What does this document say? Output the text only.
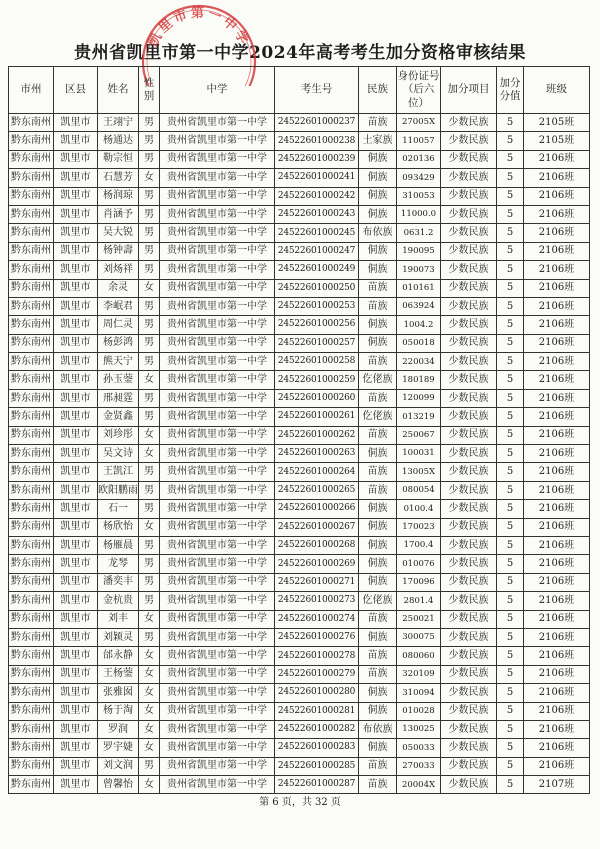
贵州省凯里市第一中学2024年高考考生加分资格审核结果
凯里市第一中学
市州	区县	姓名	性别	中学	考生号	民族	身份证号（后六位）	加分项目	加分分值	班级
黔东南州	凯里市	王翊宁	男	贵州省凯里市第一中学	24522601000237	苗族	27005X	少数民族	5	2105班
黔东南州	凯里市	杨通达	男	贵州省凯里市第一中学	24522601000238	土家族	110057	少数民族	5	2105班
黔东南州	凯里市	勒宗恒	男	贵州省凯里市第一中学	24522601000239	侗族	020136	少数民族	5	2106班
黔东南州	凯里市	石慧芳	女	贵州省凯里市第一中学	24522601000241	侗族	093429	少数民族	5	2106班
黔东南州	凯里市	杨润琼	男	贵州省凯里市第一中学	24522601000242	侗族	310053	少数民族	5	2106班
黔东南州	凯里市	肖涵予	男	贵州省凯里市第一中学	24522601000243	侗族	11000.0	少数民族	5	2106班
黔东南州	凯里市	吴大锐	男	贵州省凯里市第一中学	24522601000245	布依族	0631.2	少数民族	5	2106班
黔东南州	凯里市	杨钟壽	男	贵州省凯里市第一中学	24522601000247	侗族	190095	少数民族	5	2106班
黔东南州	凯里市	刘炀祥	男	贵州省凯里市第一中学	24522601000249	侗族	190073	少数民族	5	2106班
黔东南州	凯里市	余灵	女	贵州省凯里市第一中学	24522601000250	苗族	010161	少数民族	5	2106班
黔东南州	凯里市	李岷君	男	贵州省凯里市第一中学	24522601000253	苗族	063924	少数民族	5	2106班
黔东南州	凯里市	周仁灵	男	贵州省凯里市第一中学	24522601000256	侗族	1004.2	少数民族	5	2106班
黔东南州	凯里市	杨彭鸿	男	贵州省凯里市第一中学	24522601000257	侗族	050018	少数民族	5	2106班
黔东南州	凯里市	熊天宁	男	贵州省凯里市第一中学	24522601000258	苗族	220034	少数民族	5	2106班
黔东南州	凯里市	孙玉蓥	女	贵州省凯里市第一中学	24522601000259	仡佬族	180189	少数民族	5	2106班
黔东南州	凯里市	邢昶霆	男	贵州省凯里市第一中学	24522601000260	苗族	120099	少数民族	5	2106班
黔东南州	凯里市	金贤鑫	男	贵州省凯里市第一中学	24522601000261	仡佬族	013219	少数民族	5	2106班
黔东南州	凯里市	刘珍彤	女	贵州省凯里市第一中学	24522601000262	苗族	250067	少数民族	5	2106班
黔东南州	凯里市	吴文诗	女	贵州省凯里市第一中学	24522601000263	侗族	100031	少数民族	5	2106班
黔东南州	凯里市	王凯江	男	贵州省凯里市第一中学	24522601000264	苗族	13005X	少数民族	5	2106班
黔东南州	凯里市	欧阳鹏雨	男	贵州省凯里市第一中学	24522601000265	苗族	080054	少数民族	5	2106班
黔东南州	凯里市	石一	男	贵州省凯里市第一中学	24522601000266	侗族	0100.4	少数民族	5	2106班
黔东南州	凯里市	杨欣怡	女	贵州省凯里市第一中学	24522601000267	侗族	170023	少数民族	5	2106班
黔东南州	凯里市	杨雁晨	男	贵州省凯里市第一中学	24522601000268	侗族	1700.4	少数民族	5	2106班
黔东南州	凯里市	龙琴	男	贵州省凯里市第一中学	24522601000269	侗族	010076	少数民族	5	2106班
黔东南州	凯里市	潘奕丰	男	贵州省凯里市第一中学	24522601000271	侗族	170096	少数民族	5	2106班
黔东南州	凯里市	金杭贵	男	贵州省凯里市第一中学	24522601000273	仡佬族	2801.4	少数民族	5	2106班
黔东南州	凯里市	刘丰	女	贵州省凯里市第一中学	24522601000274	苗族	250021	少数民族	5	2106班
黔东南州	凯里市	刘颖灵	男	贵州省凯里市第一中学	24522601000276	侗族	300075	少数民族	5	2106班
黔东南州	凯里市	邰永静	女	贵州省凯里市第一中学	24522601000278	苗族	080060	少数民族	5	2106班
黔东南州	凯里市	王杨蓥	女	贵州省凯里市第一中学	24522601000279	苗族	320109	少数民族	5	2106班
黔东南州	凯里市	张雅囡	女	贵州省凯里市第一中学	24522601000280	侗族	310094	少数民族	5	2106班
黔东南州	凯里市	杨于淘	女	贵州省凯里市第一中学	24522601000281	侗族	010028	少数民族	5	2106班
黔东南州	凯里市	罗润	女	贵州省凯里市第一中学	24522601000282	布依族	130025	少数民族	5	2106班
黔东南州	凯里市	罗宇婕	女	贵州省凯里市第一中学	24522601000283	侗族	050033	少数民族	5	2106班
黔东南州	凯里市	刘文润	男	贵州省凯里市第一中学	24522601000285	苗族	270033	少数民族	5	2106班
黔东南州	凯里市	曾馨怡	女	贵州省凯里市第一中学	24522601000287	苗族	20004X	少数民族	5	2107班
第 6 页，共 32 页
